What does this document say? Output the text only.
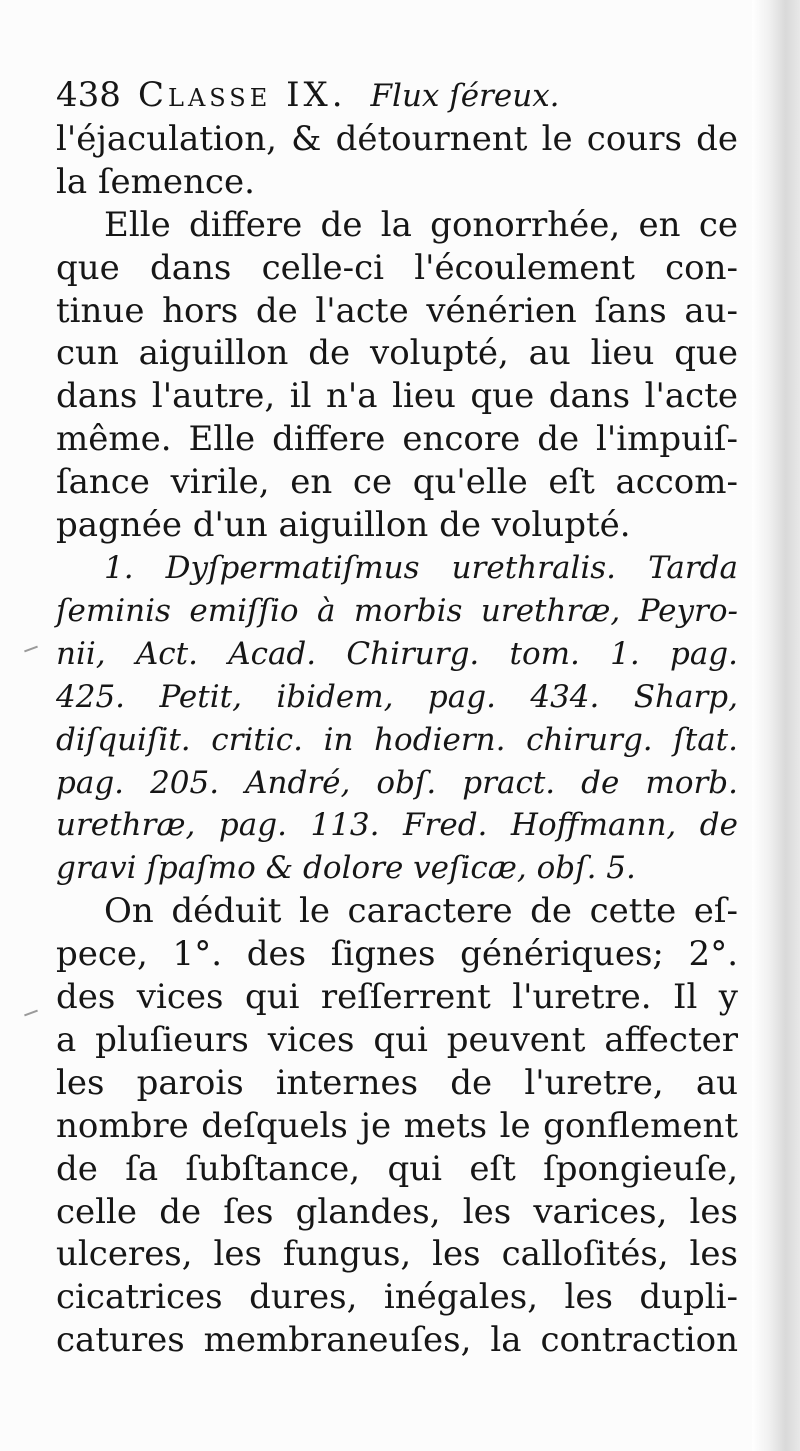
438 Classe IX. Flux ſéreux.
l'éjaculation, & détournent le cours de
la ſemence.
Elle differe de la gonorrhée, en ce
que dans celle-ci l'écoulement con-
tinue hors de l'acte vénérien ſans au-
cun aiguillon de volupté, au lieu que
dans l'autre, il n'a lieu que dans l'acte
même. Elle differe encore de l'impuiſ-
ſance virile, en ce qu'elle eſt accom-
pagnée d'un aiguillon de volupté.
1. Dyſpermatiſmus urethralis. Tarda
ſeminis emiſſio à morbis urethræ, Peyro-
nii, Act. Acad. Chirurg. tom. 1. pag.
425. Petit, ibidem, pag. 434. Sharp,
diſquiſit. critic. in hodiern. chirurg. ſtat.
pag. 205. André, obſ. pract. de morb.
urethræ, pag. 113. Fred. Hoffmann, de
gravi ſpaſmo & dolore veſicæ, obſ. 5.
On déduit le caractere de cette eſ-
pece, 1°. des ſignes génériques; 2°.
des vices qui reſſerrent l'uretre. Il y
a pluſieurs vices qui peuvent affecter
les parois internes de l'uretre, au
nombre deſquels je mets le gonflement
de ſa ſubſtance, qui eſt ſpongieuſe,
celle de ſes glandes, les varices, les
ulceres, les fungus, les calloſités, les
cicatrices dures, inégales, les dupli-
catures membraneuſes, la contraction
